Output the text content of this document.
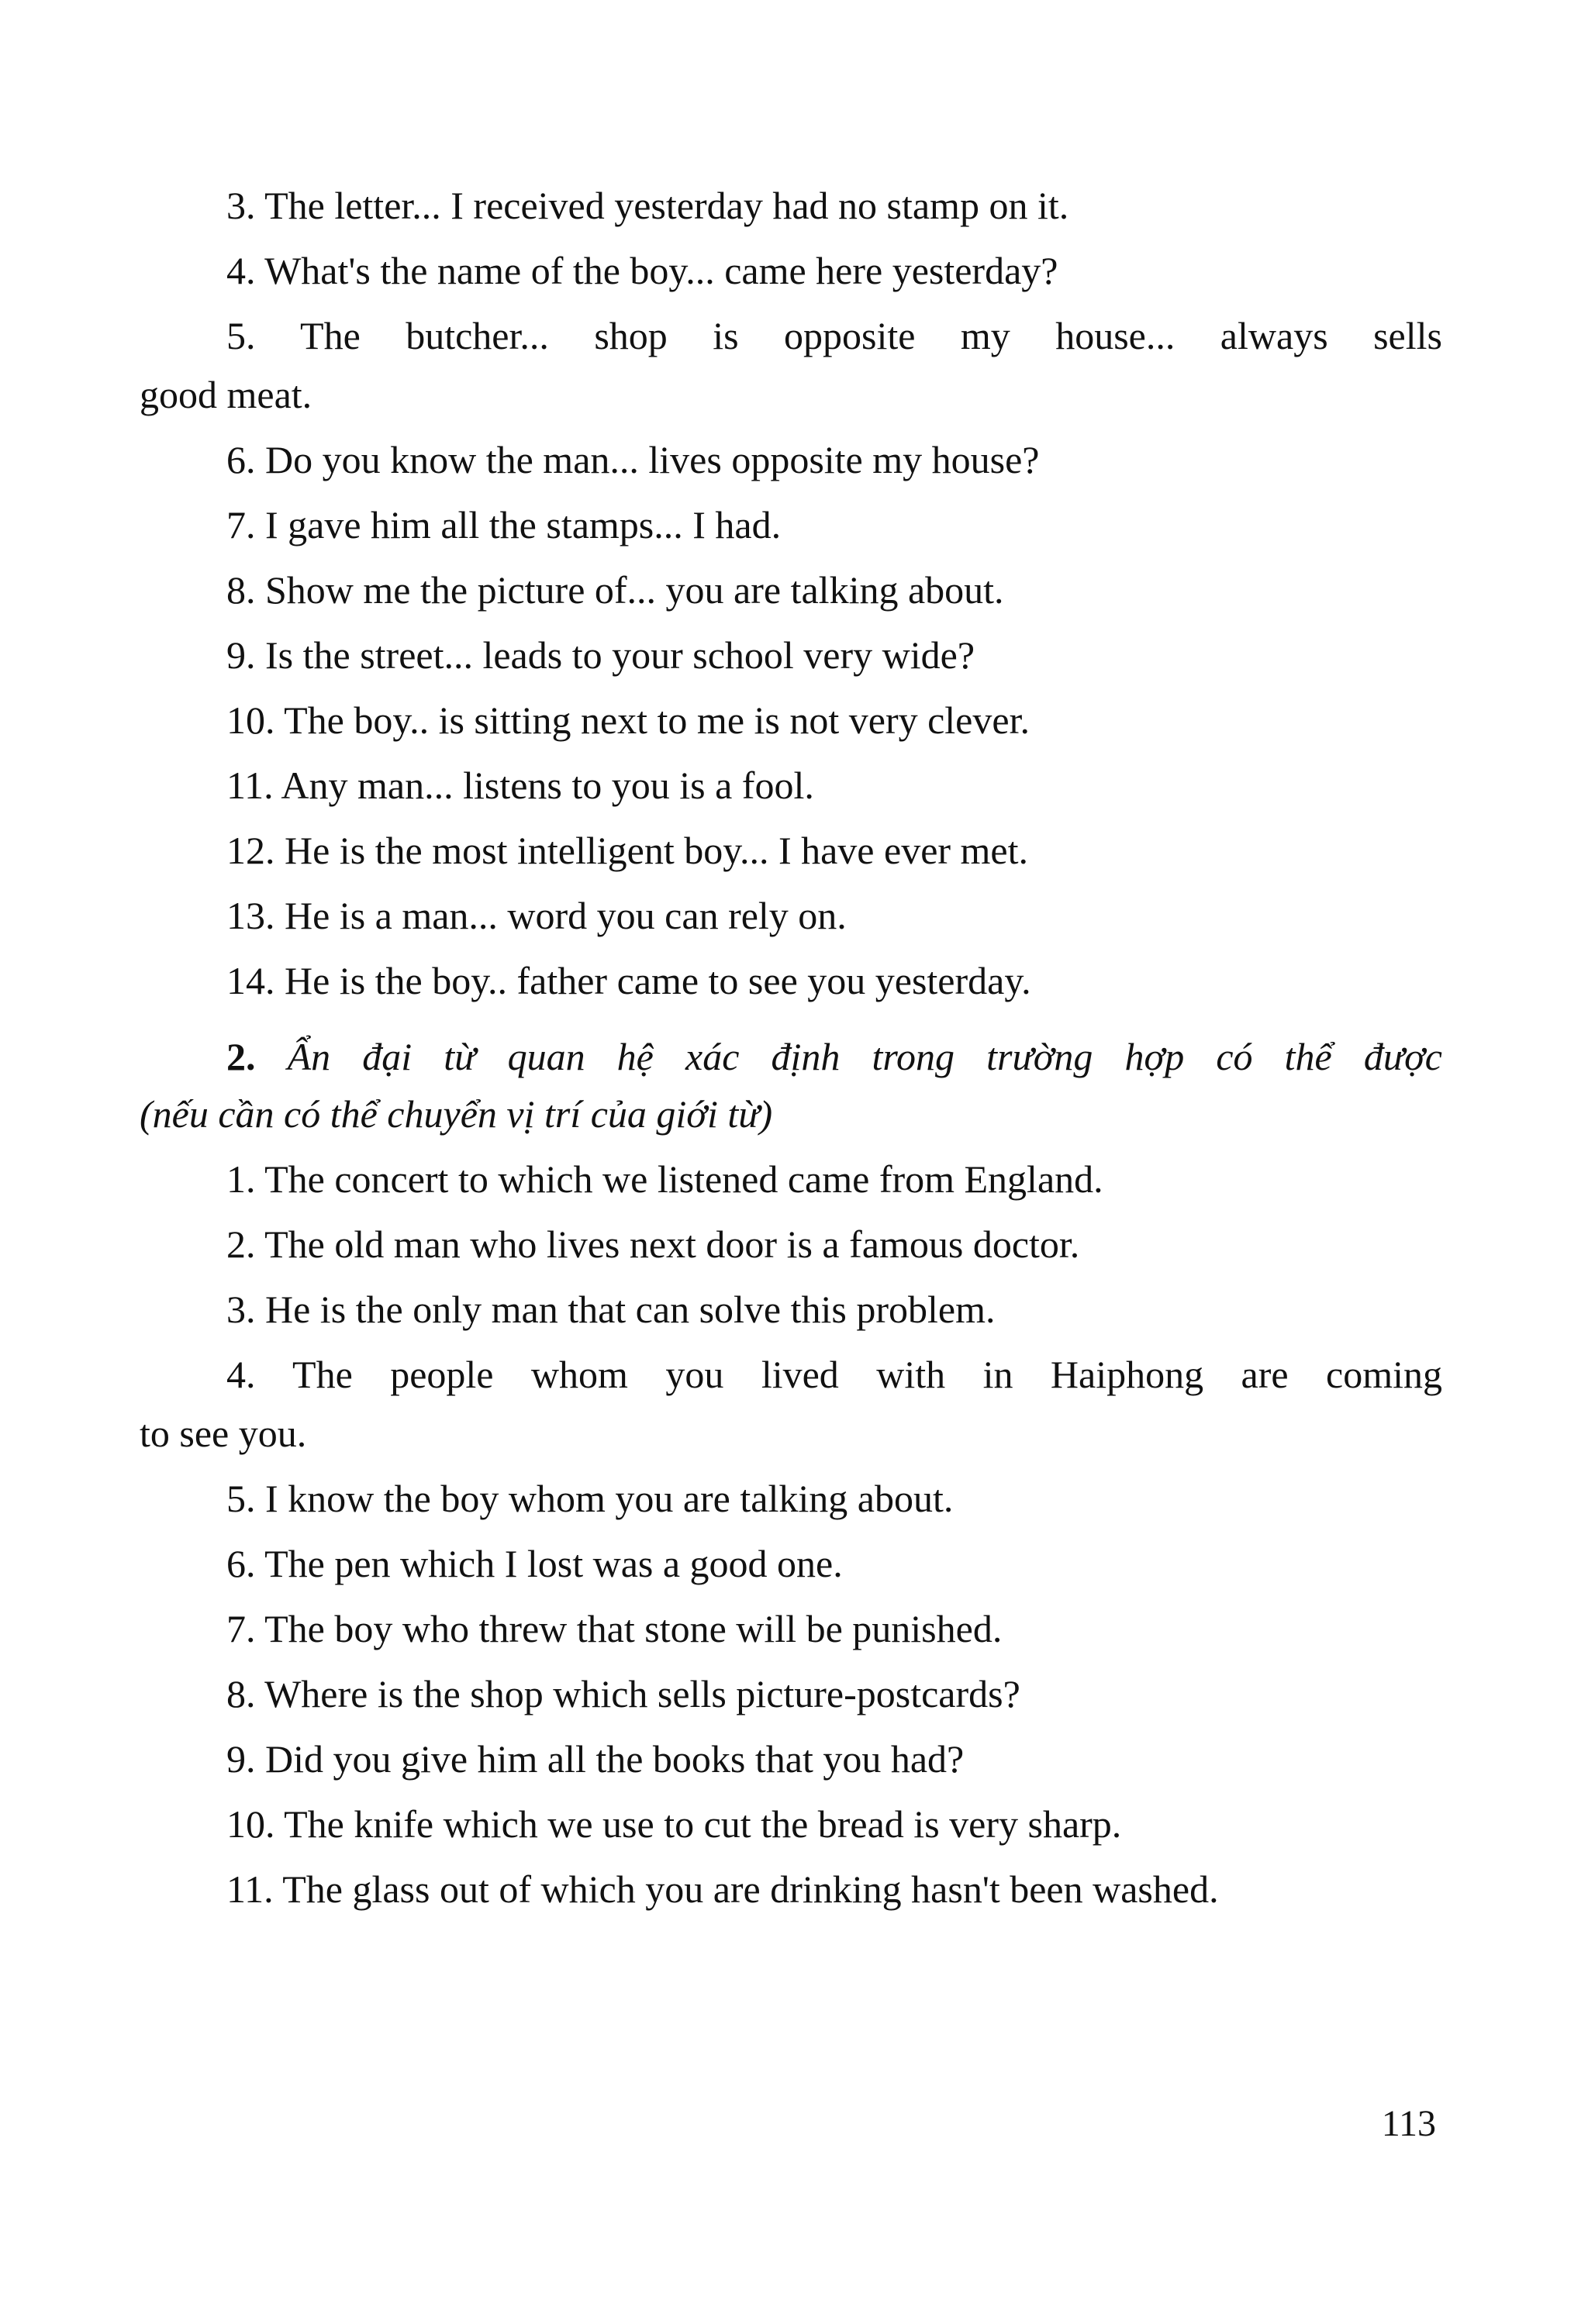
3. The letter... I received yesterday had no stamp on it.

4. What's the name of the boy... came here yesterday?

5. The butcher... shop is opposite my house... always sells
good meat.

6. Do you know the man... lives opposite my house?

7. I gave him all the stamps... I had.

8. Show me the picture of... you are talking about.

9. Is the street... leads to your school very wide?

10. The boy.. is sitting next to me is not very clever.

11. Any man... listens to you is a fool.

12. He is the most intelligent boy... I have ever met.

13. He is a man... word you can rely on.

14. He is the boy.. father came to see you yesterday.

2. Ẩn đại từ quan hệ xác định trong trường hợp có thể được
(nếu cần có thể chuyển vị trí của giới từ)

1. The concert to which we listened came from England.

2. The old man who lives next door is a famous doctor.

3. He is the only man that can solve this problem.

4. The people whom you lived with in Haiphong are coming
to see you.

5. I know the boy whom you are talking about.

6. The pen which I lost was a good one.

7. The boy who threw that stone will be punished.

8. Where is the shop which sells picture-postcards?

9. Did you give him all the books that you had?

10. The knife which we use to cut the bread is very sharp.

11. The glass out of which you are drinking hasn't been washed.

113
